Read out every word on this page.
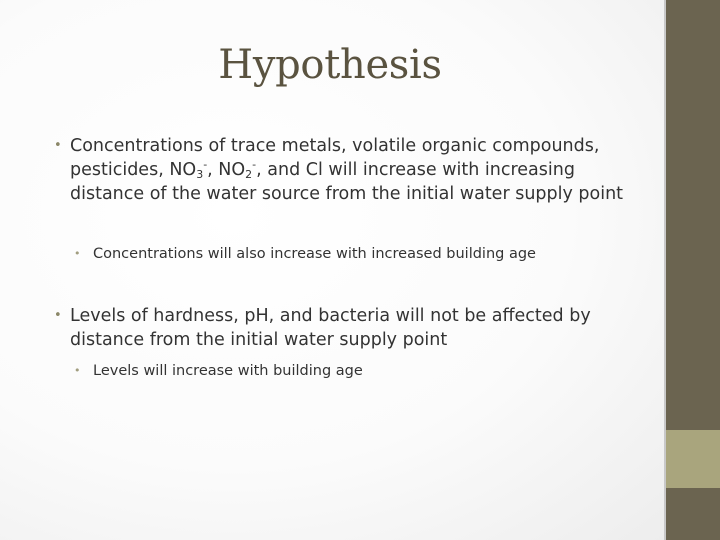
Hypothesis
• Concentrations of trace metals, volatile organic compounds, pesticides, $NO_3^-$, $NO_2^-$, and Cl will increase with increasing distance of the water source from the initial water supply point
• Concentrations will also increase with increased building age
• Levels of hardness, pH, and bacteria will not be affected by distance from the initial water supply point
• Levels will increase with building age
